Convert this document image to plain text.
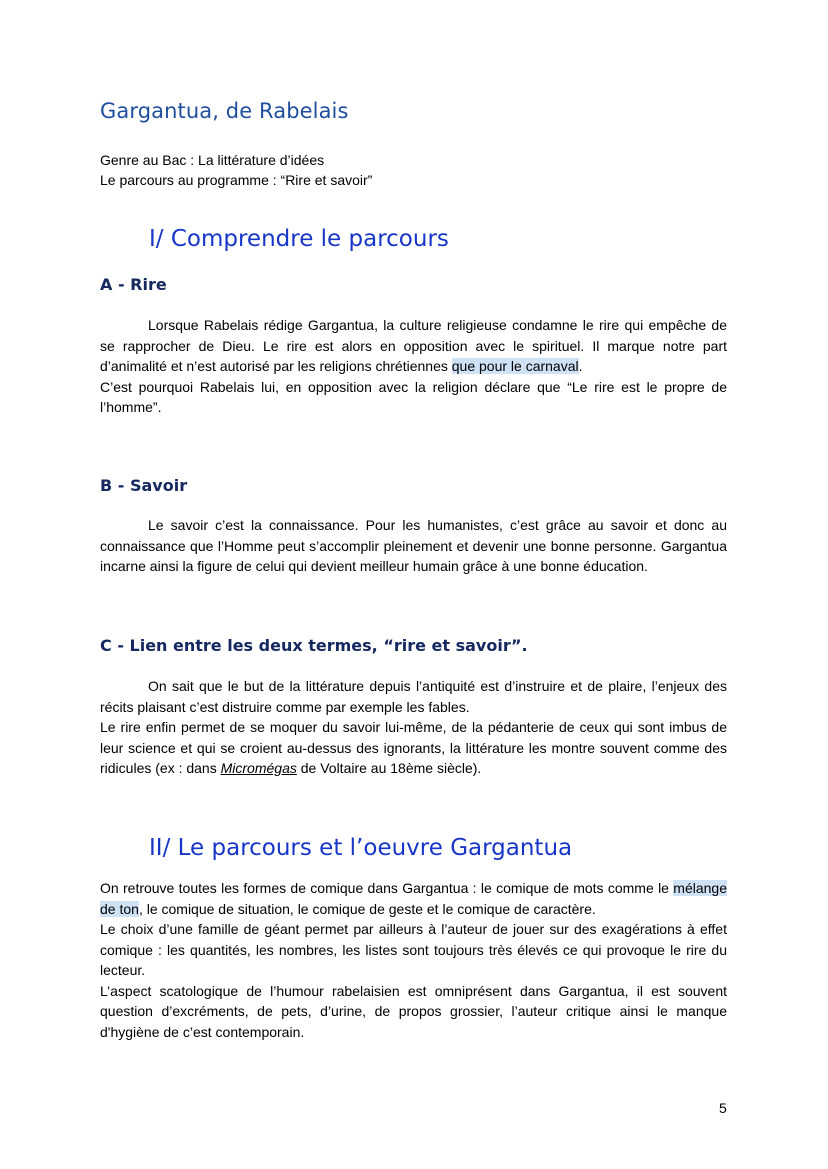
Gargantua, de Rabelais
Genre au Bac : La littérature d’idées
Le parcours au programme : “Rire et savoir”
I/ Comprendre le parcours
A - Rire

Lorsque Rabelais rédige Gargantua, la culture religieuse condamne le rire qui empêche de se rapprocher de Dieu. Le rire est alors en opposition avec le spirituel. Il marque notre part d’animalité et n’est autorisé par les religions chrétiennes que pour le carnaval.

C’est pourquoi Rabelais lui, en opposition avec la religion déclare que “Le rire est le propre de l’homme”.

B - Savoir

Le savoir c’est la connaissance. Pour les humanistes, c’est grâce au savoir et donc au connaissance que l’Homme peut s’accomplir pleinement et devenir une bonne personne. Gargantua incarne ainsi la figure de celui qui devient meilleur humain grâce à une bonne éducation.

C - Lien entre les deux termes, “rire et savoir”.

On sait que le but de la littérature depuis l’antiquité est d’instruire et de plaire, l’enjeux des récits plaisant c’est distruire comme par exemple les fables.

Le rire enfin permet de se moquer du savoir lui-même, de la pédanterie de ceux qui sont imbus de leur science et qui se croient au-dessus des ignorants, la littérature les montre souvent comme des ridicules (ex : dans Micromégas de Voltaire au 18ème siècle).

II/ Le parcours et l’oeuvre Gargantua

On retrouve toutes les formes de comique dans Gargantua : le comique de mots comme le mélange de ton, le comique de situation, le comique de geste et le comique de caractère.

Le choix d’une famille de géant permet par ailleurs à l’auteur de jouer sur des exagérations à effet comique : les quantités, les nombres, les listes sont toujours très élevés ce qui provoque le rire du lecteur.

L’aspect scatologique de l’humour rabelaisien est omniprésent dans Gargantua, il est souvent question d’excréments, de pets, d’urine, de propos grossier, l’auteur critique ainsi le manque d'hygiène de c’est contemporain.

5
